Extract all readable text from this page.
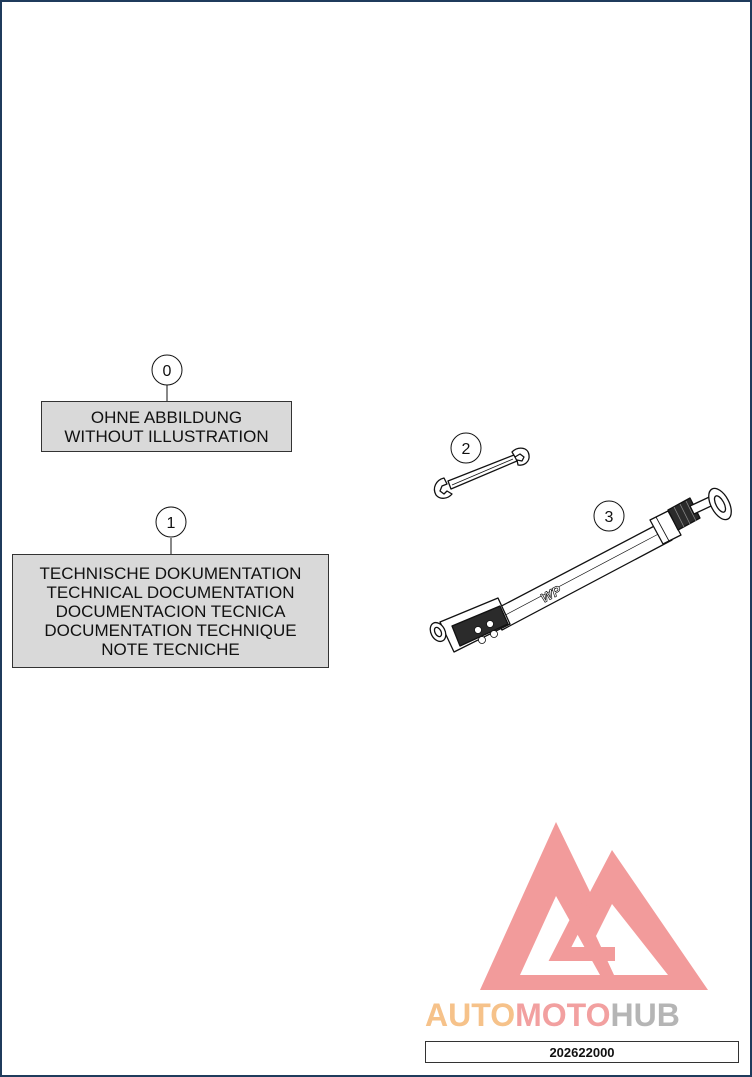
AUTOMOTOHUB
0
1
2
3
WP
OHNE ABBILDUNG
WITHOUT ILLUSTRATION
TECHNISCHE DOKUMENTATION
TECHNICAL DOCUMENTATION
DOCUMENTACION TECNICA
DOCUMENTATION TECHNIQUE
NOTE TECNICHE
202622000
